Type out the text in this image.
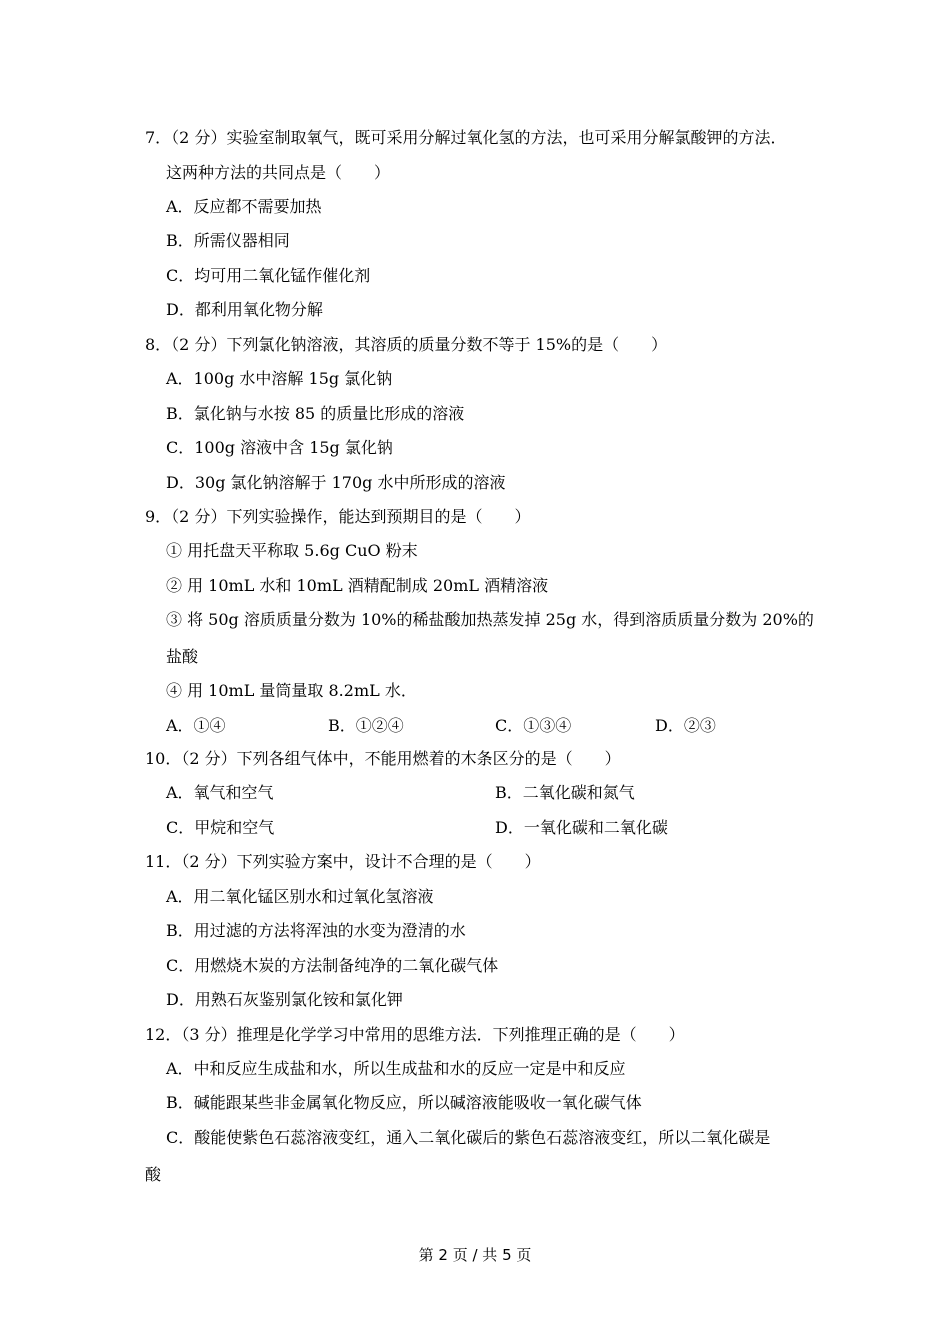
7．（2 分）实验室制取氧气，既可采用分解过氧化氢的方法，也可采用分解氯酸钾的方法．
这两种方法的共同点是（　　）
A．反应都不需要加热
B．所需仪器相同
C．均可用二氧化锰作催化剂
D．都利用氧化物分解
8．（2 分）下列氯化钠溶液，其溶质的质量分数不等于 15%的是（　　）
A．100g 水中溶解 15g 氯化钠
B．氯化钠与水按 85 的质量比形成的溶液
C．100g 溶液中含 15g 氯化钠
D．30g 氯化钠溶解于 170g 水中所形成的溶液
9．（2 分）下列实验操作，能达到预期目的是（　　）
① 用托盘天平称取 5.6g CuO 粉末
② 用 10mL 水和 10mL 酒精配制成 20mL 酒精溶液
③ 将 50g 溶质质量分数为 10%的稀盐酸加热蒸发掉 25g 水，得到溶质质量分数为 20%的
盐酸
④ 用 10mL 量筒量取 8.2mL 水．
A．①④	B．①②④	C．①③④	D．②③
10．（2 分）下列各组气体中，不能用燃着的木条区分的是（　　）
A．氧气和空气	B．二氧化碳和氮气
C．甲烷和空气	D．一氧化碳和二氧化碳
11．（2 分）下列实验方案中，设计不合理的是（　　）
A．用二氧化锰区别水和过氧化氢溶液
B．用过滤的方法将浑浊的水变为澄清的水
C．用燃烧木炭的方法制备纯净的二氧化碳气体
D．用熟石灰鉴别氯化铵和氯化钾
12．（3 分）推理是化学学习中常用的思维方法．下列推理正确的是（　　）
A．中和反应生成盐和水，所以生成盐和水的反应一定是中和反应
B．碱能跟某些非金属氧化物反应，所以碱溶液能吸收一氧化碳气体
C．酸能使紫色石蕊溶液变红，通入二氧化碳后的紫色石蕊溶液变红，所以二氧化碳是
酸
第 2 页 / 共 5 页
